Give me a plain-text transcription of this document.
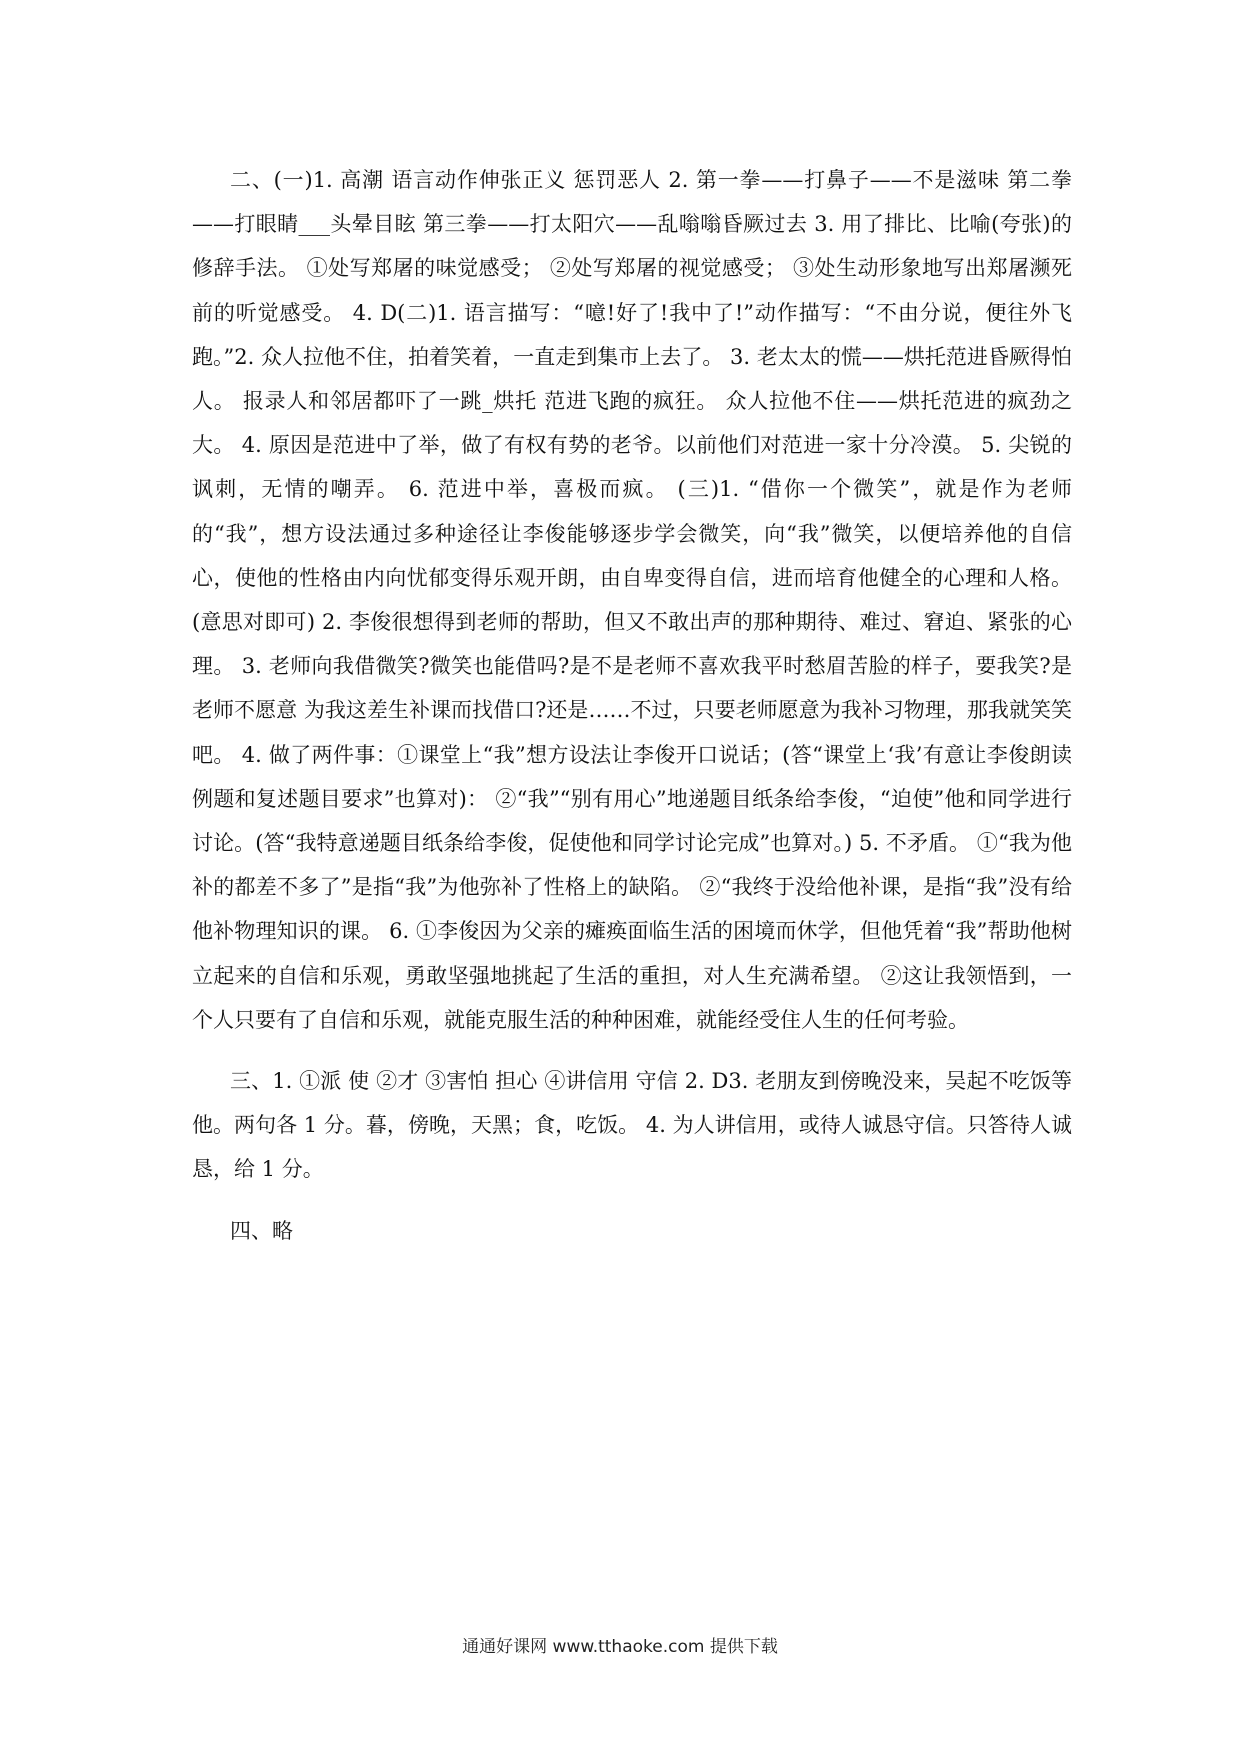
二、(一)1. 高潮 语言动作伸张正义 惩罚恶人 2. 第一拳——打鼻子——不是滋味 第二拳——打眼睛___头晕目眩 第三拳——打太阳穴——乱嗡嗡昏厥过去 3. 用了排比、比喻(夸张)的修辞手法。 ①处写郑屠的味觉感受； ②处写郑屠的视觉感受； ③处生动形象地写出郑屠濒死前的听觉感受。 4. D(二)1. 语言描写：“噫!好了!我中了!”动作描写：“不由分说，便往外飞跑。”2. 众人拉他不住，拍着笑着，一直走到集市上去了。 3. 老太太的慌——烘托范进昏厥得怕人。 报录人和邻居都吓了一跳_烘托 范进飞跑的疯狂。 众人拉他不住——烘托范进的疯劲之大。 4. 原因是范进中了举，做了有权有势的老爷。以前他们对范进一家十分冷漠。 5. 尖锐的讽刺，无情的嘲弄。 6. 范进中举，喜极而疯。 (三)1. “借你一个微笑”，就是作为老师的“我”，想方设法通过多种途径让李俊能够逐步学会微笑，向“我”微笑，以便培养他的自信心，使他的性格由内向忧郁变得乐观开朗，由自卑变得自信，进而培育他健全的心理和人格。(意思对即可) 2. 李俊很想得到老师的帮助，但又不敢出声的那种期待、难过、窘迫、紧张的心理。 3. 老师向我借微笑?微笑也能借吗?是不是老师不喜欢我平时愁眉苦脸的样子，要我笑?是老师不愿意 为我这差生补课而找借口?还是……不过，只要老师愿意为我补习物理，那我就笑笑吧。 4. 做了两件事：①课堂上“我”想方设法让李俊开口说话；(答“课堂上‘我’有意让李俊朗读例题和复述题目要求”也算对)： ②“我”“别有用心”地递题目纸条给李俊，“迫使”他和同学进行讨论。(答“我特意递题目纸条给李俊，促使他和同学讨论完成”也算对。) 5. 不矛盾。 ①“我为他补的都差不多了”是指“我”为他弥补了性格上的缺陷。 ②“我终于没给他补课，是指“我”没有给他补物理知识的课。 6. ①李俊因为父亲的瘫痪面临生活的困境而休学，但他凭着“我”帮助他树立起来的自信和乐观，勇敢坚强地挑起了生活的重担，对人生充满希望。 ②这让我领悟到，一个人只要有了自信和乐观，就能克服生活的种种困难，就能经受住人生的任何考验。

三、1. ①派 使 ②才 ③害怕 担心 ④讲信用 守信 2. D3. 老朋友到傍晚没来，吴起不吃饭等他。两句各 1 分。暮，傍晚，天黑；食，吃饭。 4. 为人讲信用，或待人诚恳守信。只答待人诚恳，给 1 分。

四、略

通通好课网 www.tthaoke.com 提供下载
